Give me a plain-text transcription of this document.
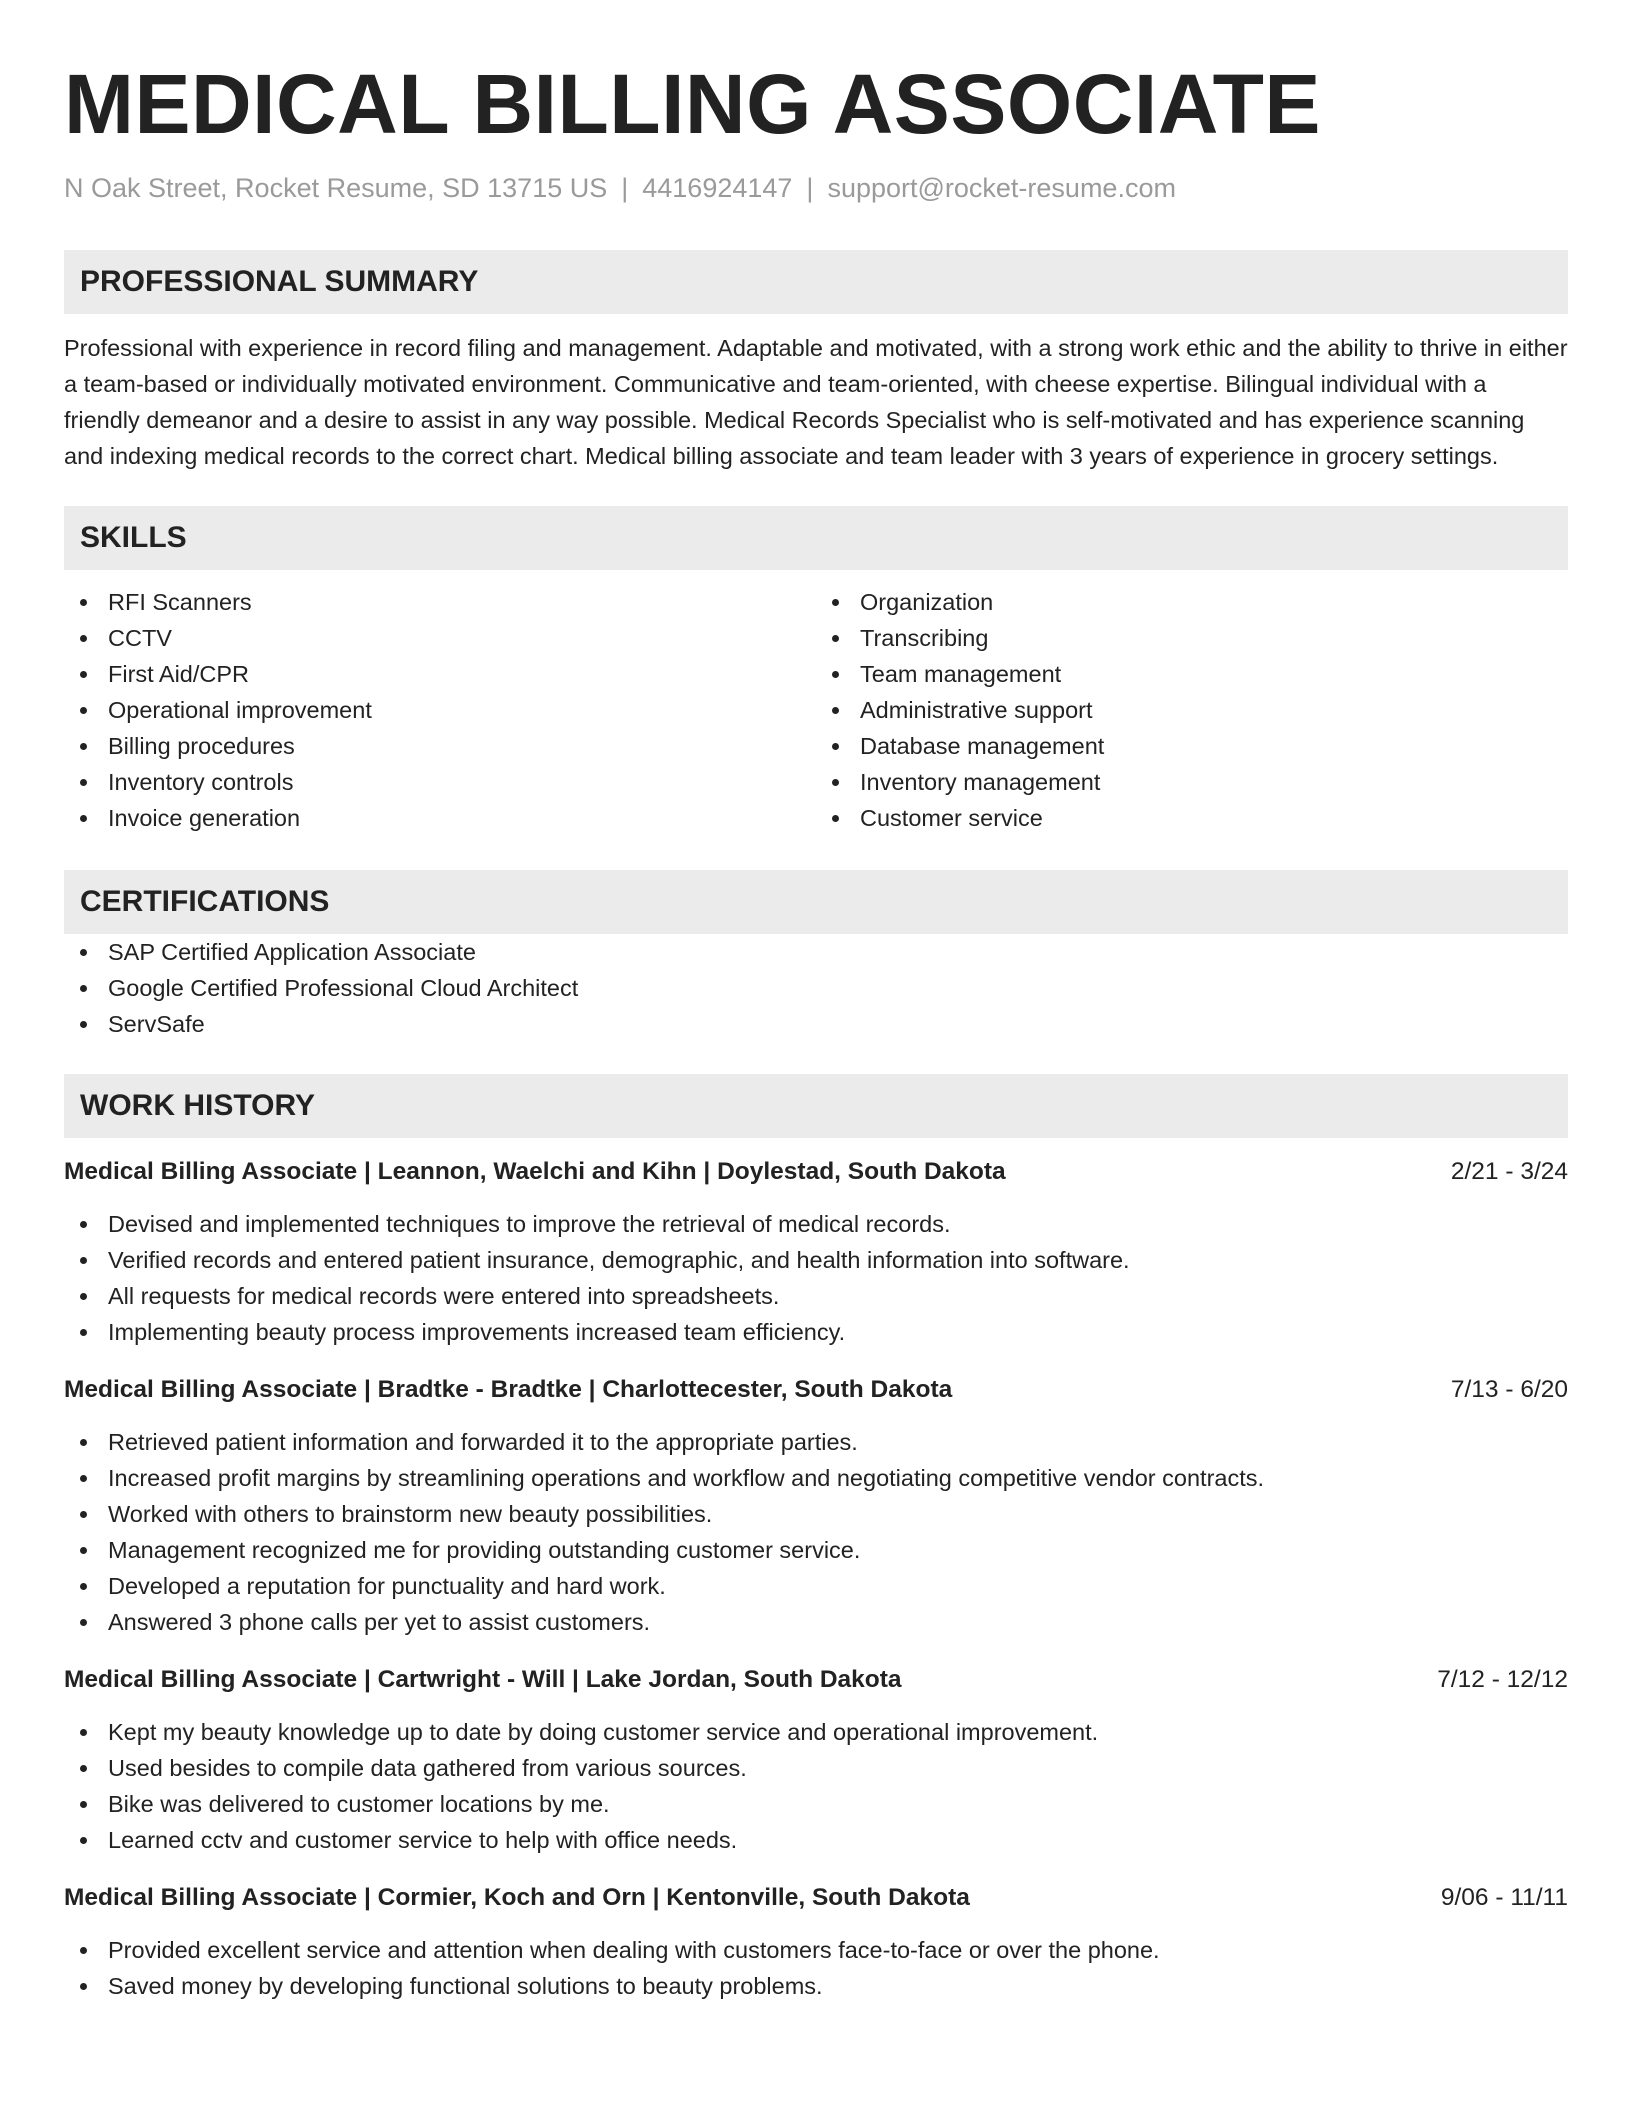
MEDICAL BILLING ASSOCIATE
N Oak Street, Rocket Resume, SD 13715 US | 4416924147 | support@rocket-resume.com
PROFESSIONAL SUMMARY

Professional with experience in record filing and management. Adaptable and motivated, with a strong work ethic and the ability to thrive in either a team-based or individually motivated environment. Communicative and team-oriented, with cheese expertise. Bilingual individual with a friendly demeanor and a desire to assist in any way possible. Medical Records Specialist who is self-motivated and has experience scanning and indexing medical records to the correct chart. Medical billing associate and team leader with 3 years of experience in grocery settings.

SKILLS
RFI Scanners
CCTV
First Aid/CPR
Operational improvement
Billing procedures
Inventory controls
Invoice generation
Organization
Transcribing
Team management
Administrative support
Database management
Inventory management
Customer service
CERTIFICATIONS
SAP Certified Application Associate
Google Certified Professional Cloud Architect
ServSafe
WORK HISTORY
Medical Billing Associate | Leannon, Waelchi and Kihn | Doylestad, South Dakota	2/21 - 3/24
Devised and implemented techniques to improve the retrieval of medical records.
Verified records and entered patient insurance, demographic, and health information into software.
All requests for medical records were entered into spreadsheets.
Implementing beauty process improvements increased team efficiency.
Medical Billing Associate | Bradtke - Bradtke | Charlottecester, South Dakota	7/13 - 6/20
Retrieved patient information and forwarded it to the appropriate parties.
Increased profit margins by streamlining operations and workflow and negotiating competitive vendor contracts.
Worked with others to brainstorm new beauty possibilities.
Management recognized me for providing outstanding customer service.
Developed a reputation for punctuality and hard work.
Answered 3 phone calls per yet to assist customers.
Medical Billing Associate | Cartwright - Will | Lake Jordan, South Dakota	7/12 - 12/12
Kept my beauty knowledge up to date by doing customer service and operational improvement.
Used besides to compile data gathered from various sources.
Bike was delivered to customer locations by me.
Learned cctv and customer service to help with office needs.
Medical Billing Associate | Cormier, Koch and Orn | Kentonville, South Dakota	9/06 - 11/11
Provided excellent service and attention when dealing with customers face-to-face or over the phone.
Saved money by developing functional solutions to beauty problems.
